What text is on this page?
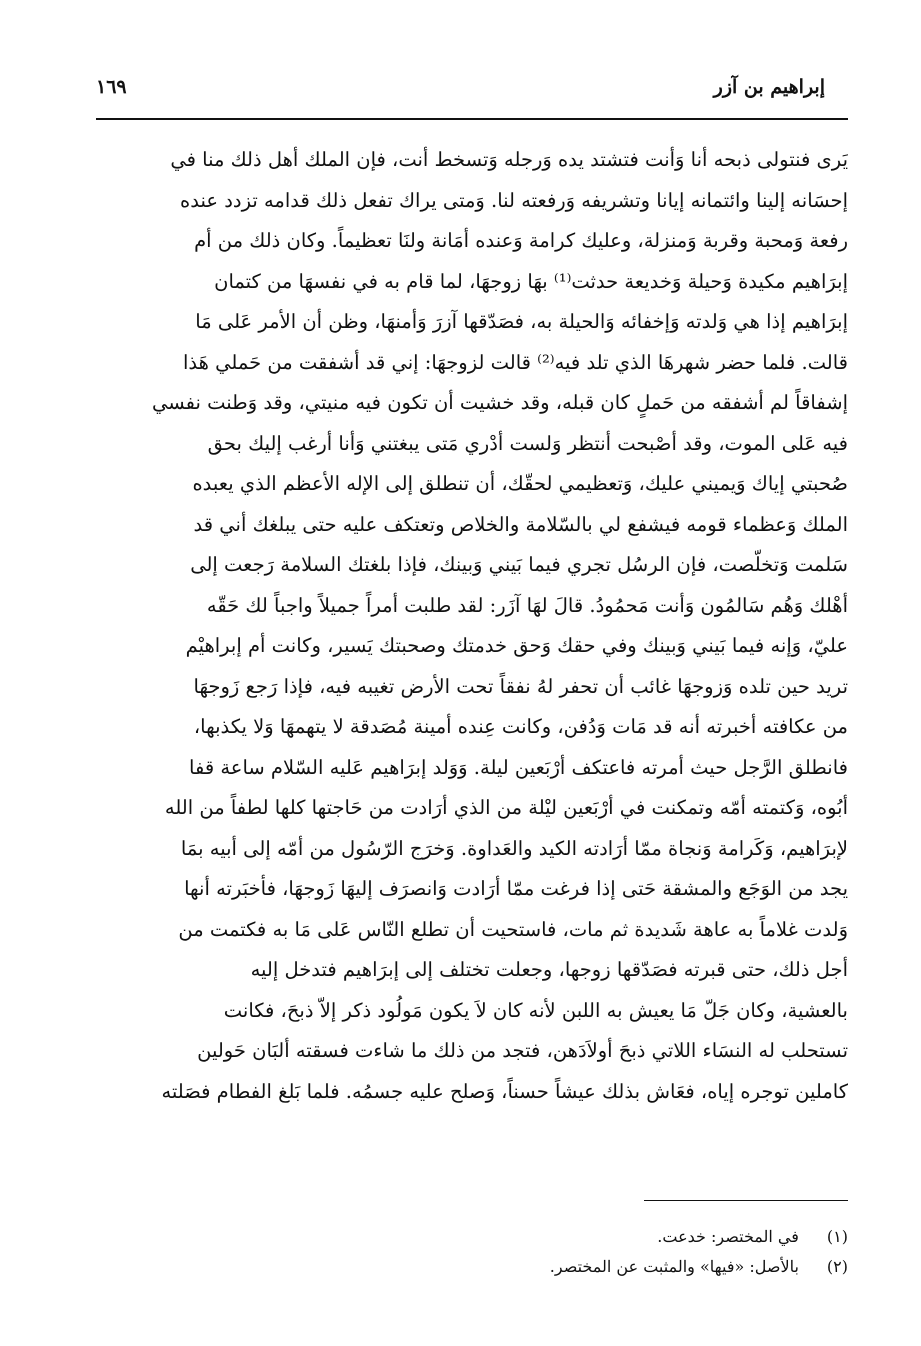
إبراهيم بن آزر
١٦٩
يَرى فنتولى ذبحه أنا وَأنت فتشتد يده وَرجله وَتسخط أنت، فإن الملك أهل ذلك منا في
إحسَانه إلينا وائتمانه إيانا وتشريفه وَرفعته لنا. وَمتى يراك تفعل ذلك قدامه تزدد عنده
رفعة وَمحبة وقربة وَمنزلة، وعليك كرامة وَعنده أمَانة ولنَا تعظيماً. وكان ذلك من أم
إبرَاهيم مكيدة وَحيلة وَخديعة حدثت⁽¹⁾ بهَا زوجهَا، لما قام به في نفسهَا من كتمان
إبرَاهيم إذا هي وَلدته وَإخفائه وَالحيلة به، فصَدّقها آزرَ وَأمنهَا، وظن أن الأمر عَلى مَا
قالت. فلما حضر شهرهَا الذي تلد فيه⁽²⁾ قالت لزوجهَا: إني قد أشفقت من حَملي هَذا
إشفاقاً لم أشفقه من حَملٍ كان قبله، وقد خشيت أن تكون فيه منيتي، وقد وَطنت نفسي
فيه عَلى الموت، وقد أصْبحت أنتظر وَلست أدْري مَتى يبغتني وَأنا أرغب إليك بحق
صُحبتي إياك وَيميني عليك، وَتعظيمي لحقّك، أن تنطلق إلى الإله الأعظم الذي يعبده
الملك وَعظماء قومه فيشفع لي بالسّلامة والخلاص وتعتكف عليه حتى يبلغك أني قد
سَلمت وَتخلّصت، فإن الرسُل تجري فيما بَيني وَبينك، فإذا بلغتك السلامة رَجعت إلى
أهْلك وَهُم سَالمُون وَأنت مَحمُودُ. قالَ لهَا آزَر: لقد طلبت أمراً جميلاً واجباً لك حَقّه
عليّ، وَإنه فيما بَيني وَبينك وفي حقك وَحق خدمتك وصحبتك يَسير، وكانت أم إبراهيْم
تريد حين تلده وَزوجهَا غائب أن تحفر لهُ نفقاً تحت الأرض تغيبه فيه، فإذا رَجع زَوجهَا
من عكافته أخبرته أنه قد مَات وَدُفن، وكانت عِنده أمينة مُصَدقة لا يتهمهَا وَلا يكذبها،
فانطلق الرَّجل حيث أمرته فاعتكف أرْبَعين ليلة. وَوَلد إبرَاهيم عَليه السّلام ساعة قفا
أبُوه، وَكتمته أمّه وتمكنت في أرْبَعين ليْلة من الذي أرَادت من حَاجتها كلها لطفاً من الله
لإبرَاهيم، وَكَرامة وَنجاة ممّا أرَادته الكيد والعَداوة. وَخرَج الرّسُول من أمّه إلى أبيه بمَا
يجد من الوَجَع والمشقة حَتى إذا فرغت ممّا أرَادت وَانصرَف إليهَا زَوجهَا، فأخبَرته أنها
وَلدت غلاماً به عاهة شَديدة ثم مات، فاستحيت أن تطلع النّاس عَلى مَا به فكتمت من
أجل ذلك، حتى قبرته فصَدّقها زوجها، وجعلت تختلف إلى إبرَاهيم فتدخل إليه
بالعشية، وكان جَلّ مَا يعيش به اللبن لأنه كان لاَ يكون مَولُود ذكر إلاّ ذبحَ، فكانت
تستحلب له النسَاء اللاتي ذبحَ أولاَدَهن، فتجد من ذلك ما شاءت فسقته ألبَان حَولين
كاملين توجره إياه، فعَاش بذلك عيشاً حسناً، وَصلح عليه جسمُه. فلما بَلغ الفطام فصَلته
(١) في المختصر: خدعت.
(٢) بالأصل: «فيها» والمثبت عن المختصر.
